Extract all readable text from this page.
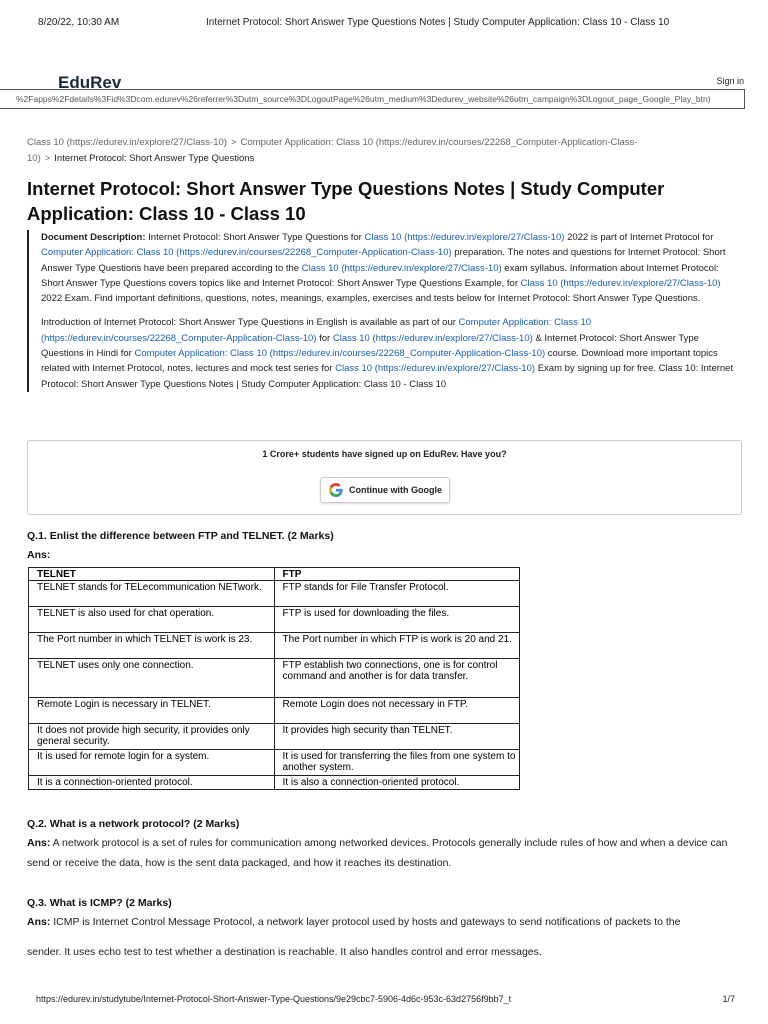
8/20/22, 10:30 AM	Internet Protocol: Short Answer Type Questions Notes | Study Computer Application: Class 10 - Class 10
EduRev	Sign in
%2Fapps%2Fdetails%3Fid%3Dcom.edurev%26referrer%3Dutm_source%3DLogoutPage%26utm_medium%3Dedurev_website%26utm_campaign%3DLogout_page_Google_Play_btn)
Class 10 (https://edurev.in/explore/27/Class-10) > Computer Application: Class 10 (https://edurev.in/courses/22268_Computer-Application-Class-
10) > Internet Protocol: Short Answer Type Questions
Internet Protocol: Short Answer Type Questions Notes | Study Computer Application: Class 10 - Class 10

Document Description: Internet Protocol: Short Answer Type Questions for Class 10 (https://edurev.in/explore/27/Class-10) 2022 is part of Internet Protocol for Computer Application: Class 10 (https://edurev.in/courses/22268_Computer-Application-Class-10) preparation. The notes and questions for Internet Protocol: Short Answer Type Questions have been prepared according to the Class 10 (https://edurev.in/explore/27/Class-10) exam syllabus. Information about Internet Protocol: Short Answer Type Questions covers topics like and Internet Protocol: Short Answer Type Questions Example, for Class 10 (https://edurev.in/explore/27/Class-10) 2022 Exam. Find important definitions, questions, notes, meanings, examples, exercises and tests below for Internet Protocol: Short Answer Type Questions.

Introduction of Internet Protocol: Short Answer Type Questions in English is available as part of our Computer Application: Class 10 (https://edurev.in/courses/22268_Computer-Application-Class-10) for Class 10 (https://edurev.in/explore/27/Class-10) & Internet Protocol: Short Answer Type Questions in Hindi for Computer Application: Class 10 (https://edurev.in/courses/22268_Computer-Application-Class-10) course. Download more important topics related with Internet Protocol, notes, lectures and mock test series for Class 10 (https://edurev.in/explore/27/Class-10) Exam by signing up for free. Class 10: Internet Protocol: Short Answer Type Questions Notes | Study Computer Application: Class 10 - Class 10

1 Crore+ students have signed up on EduRev. Have you?
Continue with Google
Q.1. Enlist the difference between FTP and TELNET. (2 Marks)
Ans:
TELNET	FTP
TELNET stands for TELecommunication NETwork.	FTP stands for File Transfer Protocol.
TELNET is also used for chat operation.	FTP is used for downloading the files.
The Port number in which TELNET is work is 23.	The Port number in which FTP is work is 20 and 21.
TELNET uses only one connection.	FTP establish two connections, one is for control command and another is for data transfer.
Remote Login is necessary in TELNET.	Remote Login does not necessary in FTP.
It does not provide high security, it provides only general security.	It provides high security than TELNET.
It is used for remote login for a system.	It is used for transferring the files from one system to another system.
It is a connection-oriented protocol.	It is also a connection-oriented protocol.
Q.2. What is a network protocol? (2 Marks)
Ans: A network protocol is a set of rules for communication among networked devices. Protocols generally include rules of how and when a device can send or receive the data, how is the sent data packaged, and how it reaches its destination.
Q.3. What is ICMP? (2 Marks)
Ans: ICMP is Internet Control Message Protocol, a network layer protocol used by hosts and gateways to send notifications of packets to the
sender. It uses echo test to test whether a destination is reachable. It also handles control and error messages.
https://edurev.in/studytube/Internet-Protocol-Short-Answer-Type-Questions/9e29cbc7-5906-4d6c-953c-63d2756f9bb7_t	1/7
